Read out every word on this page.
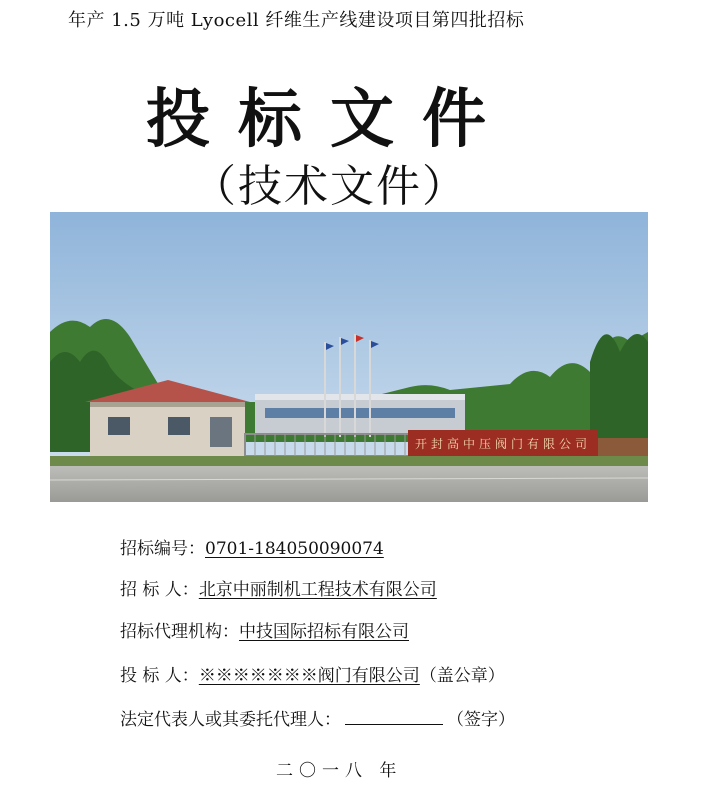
年产 1.5 万吨 Lyocell 纤维生产线建设项目第四批招标
投标文件
（技术文件）
开封高中压阀门有限公司
招标编号：0701-184050090074
招 标 人：北京中丽制机工程技术有限公司
招标代理机构：中技国际招标有限公司
投 标 人：※※※※※※※阀门有限公司（盖公章）
法定代表人或其委托代理人：	（签字）
二〇一八 年
